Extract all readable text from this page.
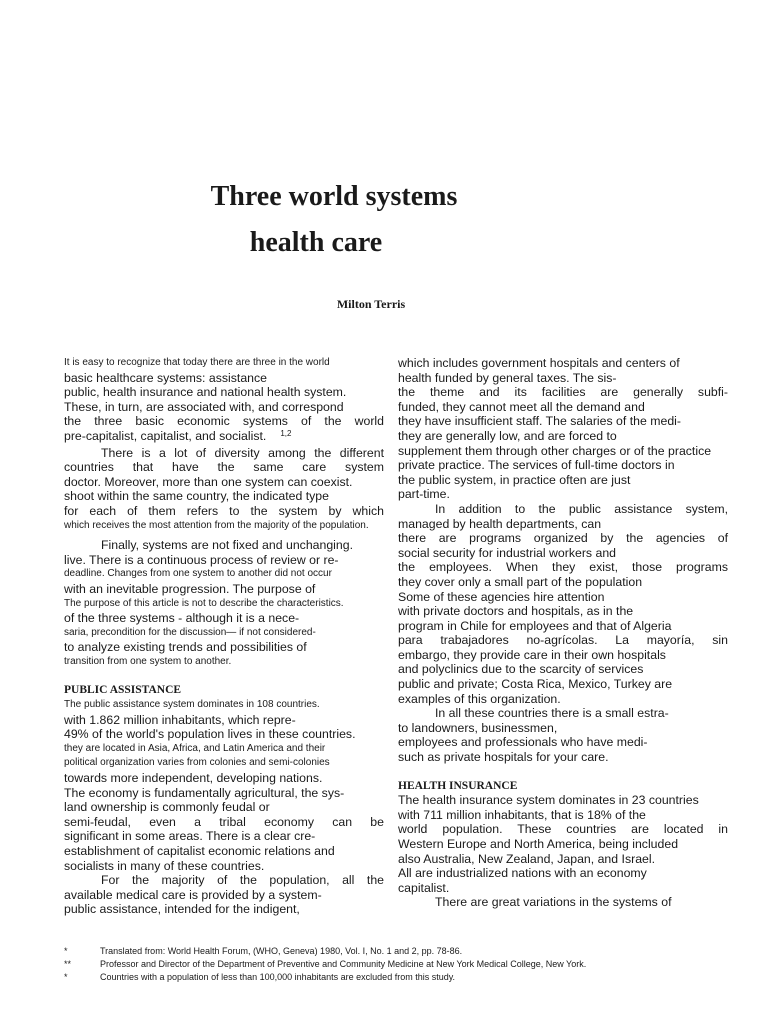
Three world systems
health care
Milton Terris

It is easy to recognize that today there are three in the world

basic healthcare systems: assistance

public, health insurance and national health system.

These, in turn, are associated with, and correspond

the three basic economic systems of the world

pre-capitalist, capitalist, and socialist. $^{1,2}$

There is a lot of diversity among the different

countries that have the same care system

doctor. Moreover, more than one system can coexist.

shoot within the same country, the indicated type

for each of them refers to the system by which

which receives the most attention from the majority of the population.

Finally, systems are not fixed and unchanging.

live. There is a continuous process of review or re-

deadline. Changes from one system to another did not occur

with an inevitable progression. The purpose of

The purpose of this article is not to describe the characteristics.

of the three systems - although it is a nece-

saria, precondition for the discussion— if not considered-

to analyze existing trends and possibilities of

transition from one system to another.

PUBLIC ASSISTANCE

The public assistance system dominates in 108 countries.

with 1.862 million inhabitants, which repre-

49% of the world's population lives in these countries.

they are located in Asia, Africa, and Latin America and their

political organization varies from colonies and semi-colonies

towards more independent, developing nations.

The economy is fundamentally agricultural, the sys-

land ownership is commonly feudal or

semi-feudal, even a tribal economy can be

significant in some areas. There is a clear cre-

establishment of capitalist economic relations and

socialists in many of these countries.

For the majority of the population, all the

available medical care is provided by a system-

public assistance, intended for the indigent,

which includes government hospitals and centers of

health funded by general taxes. The sis-

the theme and its facilities are generally subfi-

funded, they cannot meet all the demand and

they have insufficient staff. The salaries of the medi-

they are generally low, and are forced to

supplement them through other charges or of the practice

private practice. The services of full-time doctors in

the public system, in practice often are just

part-time.

In addition to the public assistance system,

managed by health departments, can

there are programs organized by the agencies of

social security for industrial workers and

the employees. When they exist, those programs

they cover only a small part of the population

Some of these agencies hire attention

with private doctors and hospitals, as in the

program in Chile for employees and that of Algeria

para trabajadores no-agrícolas. La mayoría, sin

embargo, they provide care in their own hospitals

and polyclinics due to the scarcity of services

public and private; Costa Rica, Mexico, Turkey are

examples of this organization.

In all these countries there is a small estra-

to landowners, businessmen,

employees and professionals who have medi-

such as private hospitals for your care.

HEALTH INSURANCE

The health insurance system dominates in 23 countries

with 711 million inhabitants, that is 18% of the

world population. These countries are located in

Western Europe and North America, being included

also Australia, New Zealand, Japan, and Israel.

All are industrialized nations with an economy

capitalist.

There are great variations in the systems of

*	Translated from: World Health Forum, (WHO, Geneva) 1980, Vol. I, No. 1 and 2, pp. 78-86.
**	Professor and Director of the Department of Preventive and Community Medicine at New York Medical College, New York.
*	Countries with a population of less than 100,000 inhabitants are excluded from this study.
